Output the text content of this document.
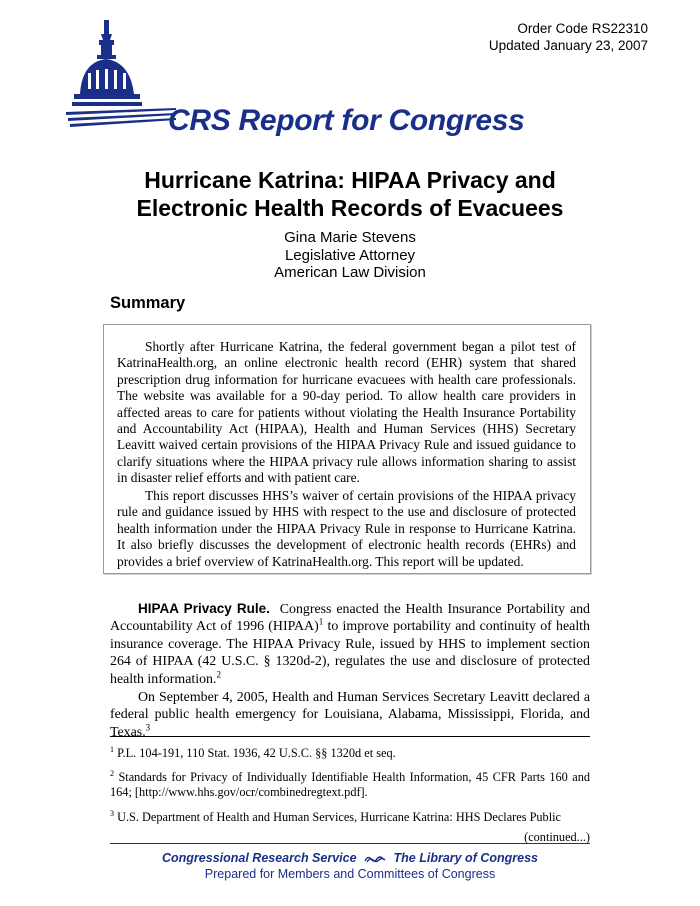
Order Code RS22310
Updated January 23, 2007
CRS Report for Congress
Hurricane Katrina: HIPAA Privacy and
Electronic Health Records of Evacuees
Gina Marie Stevens
Legislative Attorney
American Law Division
Summary

Shortly after Hurricane Katrina, the federal government began a pilot test of KatrinaHealth.org, an online electronic health record (EHR) system that shared prescription drug information for hurricane evacuees with health care professionals. The website was available for a 90-day period. To allow health care providers in affected areas to care for patients without violating the Health Insurance Portability and Accountability Act (HIPAA), Health and Human Services (HHS) Secretary Leavitt waived certain provisions of the HIPAA Privacy Rule and issued guidance to clarify situations where the HIPAA privacy rule allows information sharing to assist in disaster relief efforts and with patient care.

This report discusses HHS’s waiver of certain provisions of the HIPAA privacy rule and guidance issued by HHS with respect to the use and disclosure of protected health information under the HIPAA Privacy Rule in response to Hurricane Katrina. It also briefly discusses the development of electronic health records (EHRs) and provides a brief overview of KatrinaHealth.org. This report will be updated.

HIPAA Privacy Rule. Congress enacted the Health Insurance Portability and Accountability Act of 1996 (HIPAA)$^1$ to improve portability and continuity of health insurance coverage. The HIPAA Privacy Rule, issued by HHS to implement section 264 of HIPAA (42 U.S.C. § 1320d-2), regulates the use and disclosure of protected health information.$^2$

On September 4, 2005, Health and Human Services Secretary Leavitt declared a federal public health emergency for Louisiana, Alabama, Mississippi, Florida, and Texas.$^3$

$^1$ P.L. 104-191, 110 Stat. 1936, 42 U.S.C. §§ 1320d et seq.

$^2$ Standards for Privacy of Individually Identifiable Health Information, 45 CFR Parts 160 and 164; [http://www.hhs.gov/ocr/combinedregtext.pdf].

$^3$ U.S. Department of Health and Human Services, Hurricane Katrina: HHS Declares Public

(continued...)
Congressional Research Service	The Library of Congress
Prepared for Members and Committees of Congress
